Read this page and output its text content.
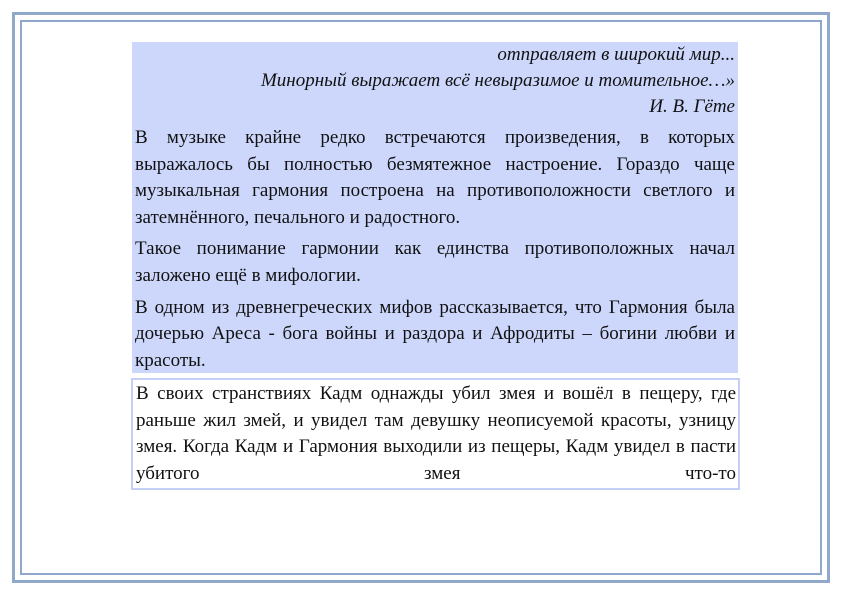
отправляет в широкий мир...
Минорный выражает всё невыразимое и томительное…»
И. В. Гёте

В музыке крайне редко встречаются произведения, в которых выражалось бы полностью безмятежное настроение. Гораздо чаще музыкальная гармония построена на противоположности светлого и затемнённого, печального и радостного.

Такое понимание гармонии как единства противоположных начал заложено ещё в мифологии.

В одном из древнегреческих мифов рассказывается, что Гармония была дочерью Ареса - бога войны и раздора и Афродиты – богини любви и красоты.

В своих странствиях Кадм однажды убил змея и вошёл в пещеру, где раньше жил змей, и увидел там девушку неописуемой красоты, узницу змея. Когда Кадм и Гармония выходили из пещеры, Кадм увидел в пасти убитого змея что-то
